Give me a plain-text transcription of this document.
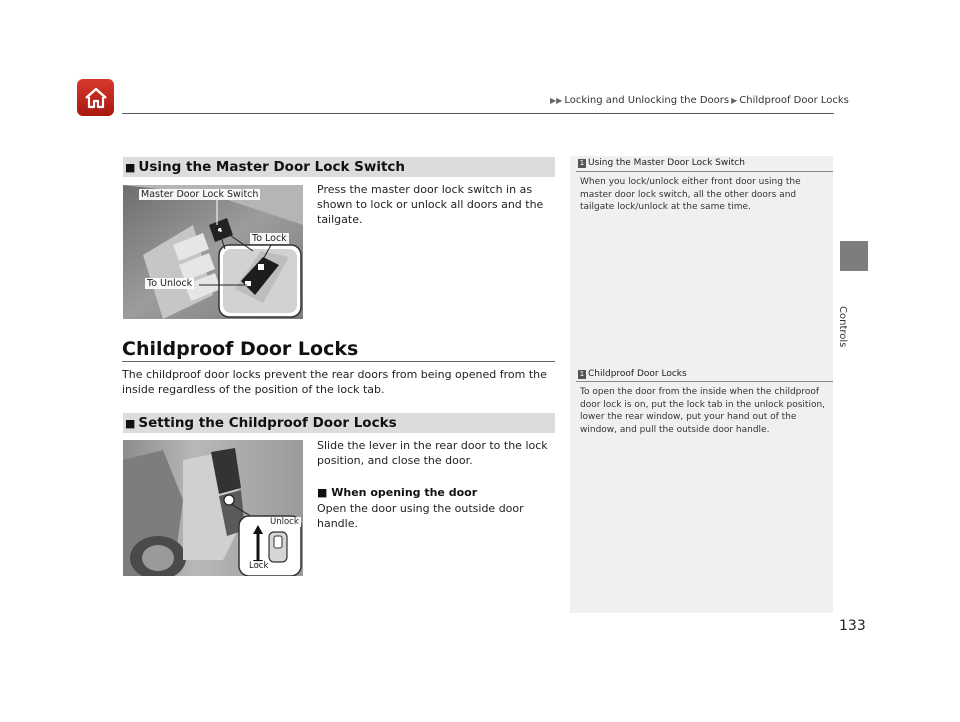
▶▶ Locking and Unlocking the Doors ▶ Childproof Door Locks
Controls
133
■ Using the Master Door Lock Switch
Master Door Lock Switch
To Lock
To Unlock
Press the master door lock switch in as shown to lock or unlock all doors and the tailgate.
Childproof Door Locks
The childproof door locks prevent the rear doors from being opened from the inside regardless of the position of the lock tab.
■ Setting the Childproof Door Locks
Unlock
Lock
Slide the lever in the rear door to the lock position, and close the door.
■ When opening the door
Open the door using the outside door handle.
1 Using the Master Door Lock Switch
When you lock/unlock either front door using the master door lock switch, all the other doors and tailgate lock/unlock at the same time.
1 Childproof Door Locks
To open the door from the inside when the childproof door lock is on, put the lock tab in the unlock position, lower the rear window, put your hand out of the window, and pull the outside door handle.
